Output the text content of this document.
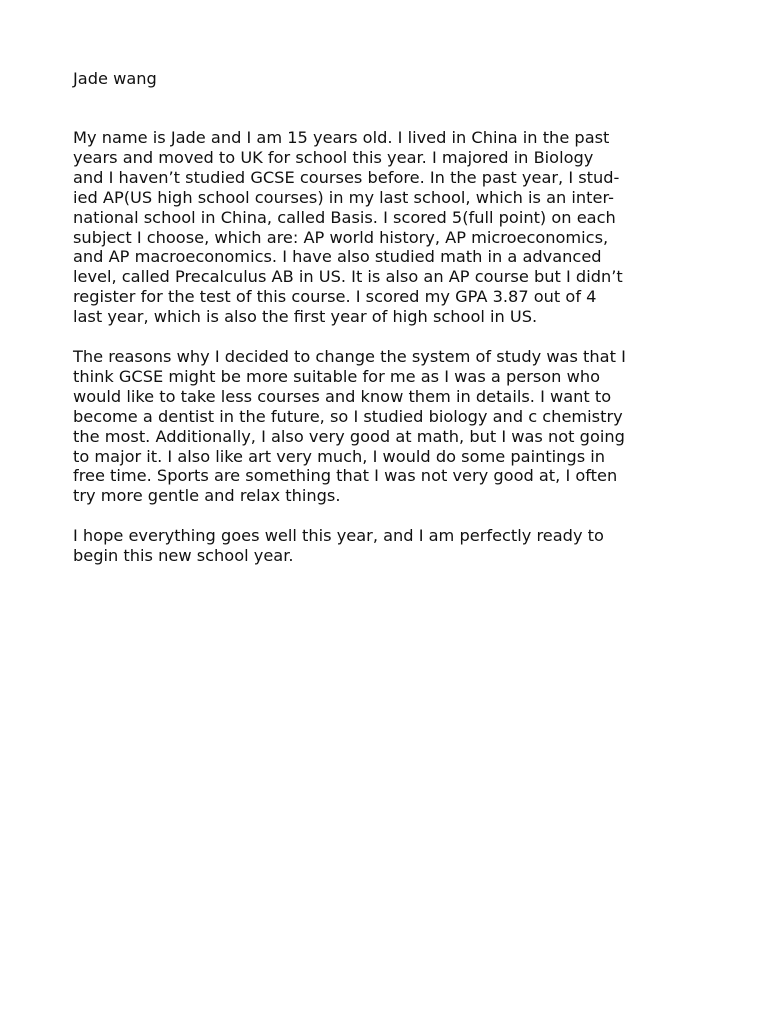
Jade wang
My name is Jade and I am 15 years old. I lived in China in the past
years and moved to UK for school this year. I majored in Biology
and I haven’t studied GCSE courses before. In the past year, I stud-
ied AP(US high school courses) in my last school, which is an inter-
national school in China, called Basis. I scored 5(full point) on each
subject I choose, which are: AP world history, AP microeconomics,
and AP macroeconomics. I have also studied math in a advanced
level, called Precalculus AB in US. It is also an AP course but I didn’t
register for the test of this course. I scored my GPA 3.87 out of 4
last year, which is also the first year of high school in US.
The reasons why I decided to change the system of study was that I
think GCSE might be more suitable for me as I was a person who
would like to take less courses and know them in details. I want to
become a dentist in the future, so I studied biology and c chemistry
the most. Additionally, I also very good at math, but I was not going
to major it. I also like art very much, I would do some paintings in
free time. Sports are something that I was not very good at, I often
try more gentle and relax things.
I hope everything goes well this year, and I am perfectly ready to
begin this new school year.
